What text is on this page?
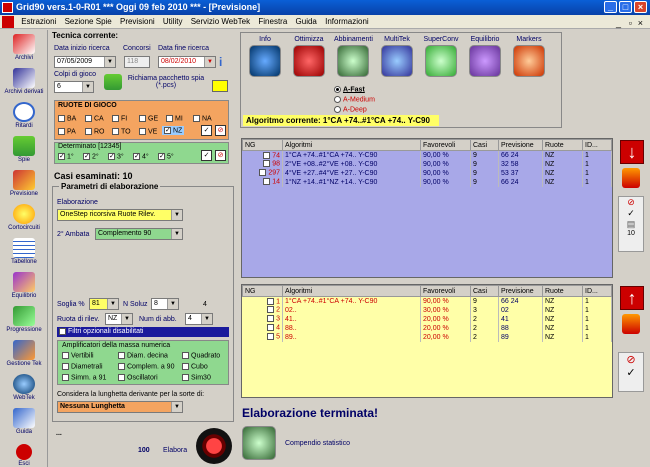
Grid90 vers.1-0-R01 *** Oggi 09 feb 2010 *** - [Previsione]	_	□	×
Estrazioni Sezione Spie Previsioni Utility Servizio WebTek Finestra Guida Informazioni	_ ▫ ×
Archivi
Archivi derivati
Ritardi
Spie
Previsione
Cortocircuiti
Tabellone
Equilibrio
Progressione
Gestione Tek
WebTek
Guida
Esci
Tecnica corrente:
Data inizio ricerca
07/05/2009 ▼
Concorsi
118
Data fine ricerca
08/02/2010 ▼	i
Colpi di gioco
6 ▼
Richiama pacchetto spia (*.pcs)
RUOTE DI GIOCO
BA	CA	FI	GE	MI	NA
PA	RO	TO	VE ✓	NZ	✓	⊘
Determinato [12345]
✓1° ✓	2° ✓	3° ✓	4° ✓	5°	✓	⊘
Casi esaminati: 10
Parametri di elaborazione
Elaborazione
OneStep ricorsiva Ruote Rilev. ▼
2° Ambata	Complemento 90 ▼
Soglia %	81 ▼	N Soluz 8 ▼	4
Ruota di rilev.	NZ ▼	Num di abb.	4 ▼
Filtri opzionali disabilitati
Amplificatori della massa numerica
Vertibili	Diam. decina	Quadrato
Diametrali	Complem. a 90	Cubo
Simm. a 91	Oscillatori	Sim30
Considera la lunghetta derivante per la sorte di:
Nessuna Lunghetta ▼
...
100 Elabora
Info	Ottimizza	Abbinamenti	MultiTek	SuperConv	Equilibrio	Markers
A-Fast
A-Medium
A-Deep
Algoritmo corrente: 1°CA +74..#1°CA +74.. Y-C90
NG	Algoritmi	Favorevoli	Casi	Previsione	Ruote	ID...
74	1°CA +74..#1°CA +74.. Y-C90	90,00 %	9	66 24	NZ	1
98	2°VE +08..#2°VE +08.. Y-C90	90,00 %	9	32 58	NZ	1
297	4°VE +27..#4°VE +27.. Y-C90	90,00 %	9	53 37	NZ	1
14	1°NZ +14..#1°NZ +14.. Y-C90	90,00 %	9	66 24	NZ	1
NG	Algoritmi	Favorevoli	Casi	Previsione	Ruote	ID...
1	1°CA +74..#1°CA +74.. Y-C90	90,00 %	9	66 24	NZ	1
2	02..	30,00 %	3	02	NZ	1
3	41..	20,00 %	2	41	NZ	1
4	88..	20,00 %	2	88	NZ	1
5	89..	20,00 %	2	89	NZ	1
↓
⊘
✓
▤
10
↑
⊘
✓
Elaborazione terminata!
Compendio statistico
